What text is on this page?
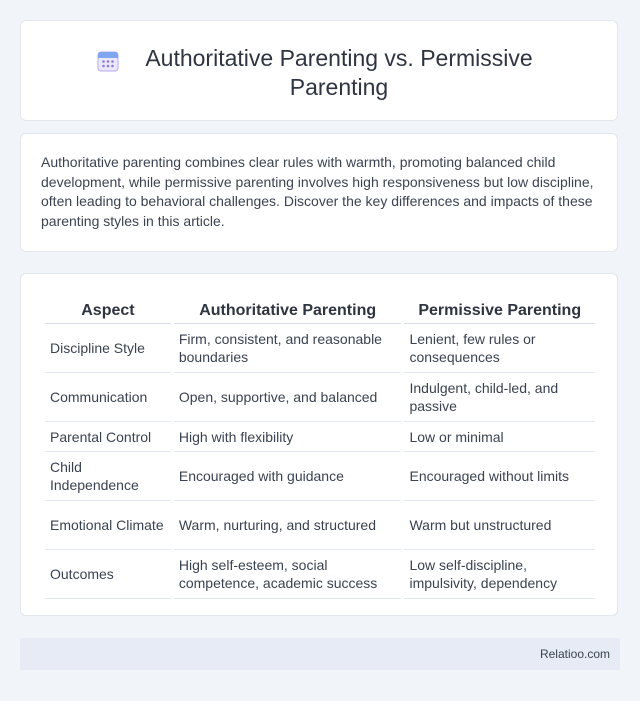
Authoritative Parenting vs. Permissive Parenting

Authoritative parenting combines clear rules with warmth, promoting balanced child development, while permissive parenting involves high responsiveness but low discipline, often leading to behavioral challenges. Discover the key differences and impacts of these parenting styles in this article.

Aspect	Authoritative Parenting	Permissive Parenting
Discipline Style	Firm, consistent, and reasonable boundaries	Lenient, few rules or consequences
Communication	Open, supportive, and balanced	Indulgent, child-led, and passive
Parental Control	High with flexibility	Low or minimal
Child Independence	Encouraged with guidance	Encouraged without limits
Emotional Climate	Warm, nurturing, and structured	Warm but unstructured
Outcomes	High self-esteem, social competence, academic success	Low self-discipline, impulsivity, dependency
Relatioo.com
